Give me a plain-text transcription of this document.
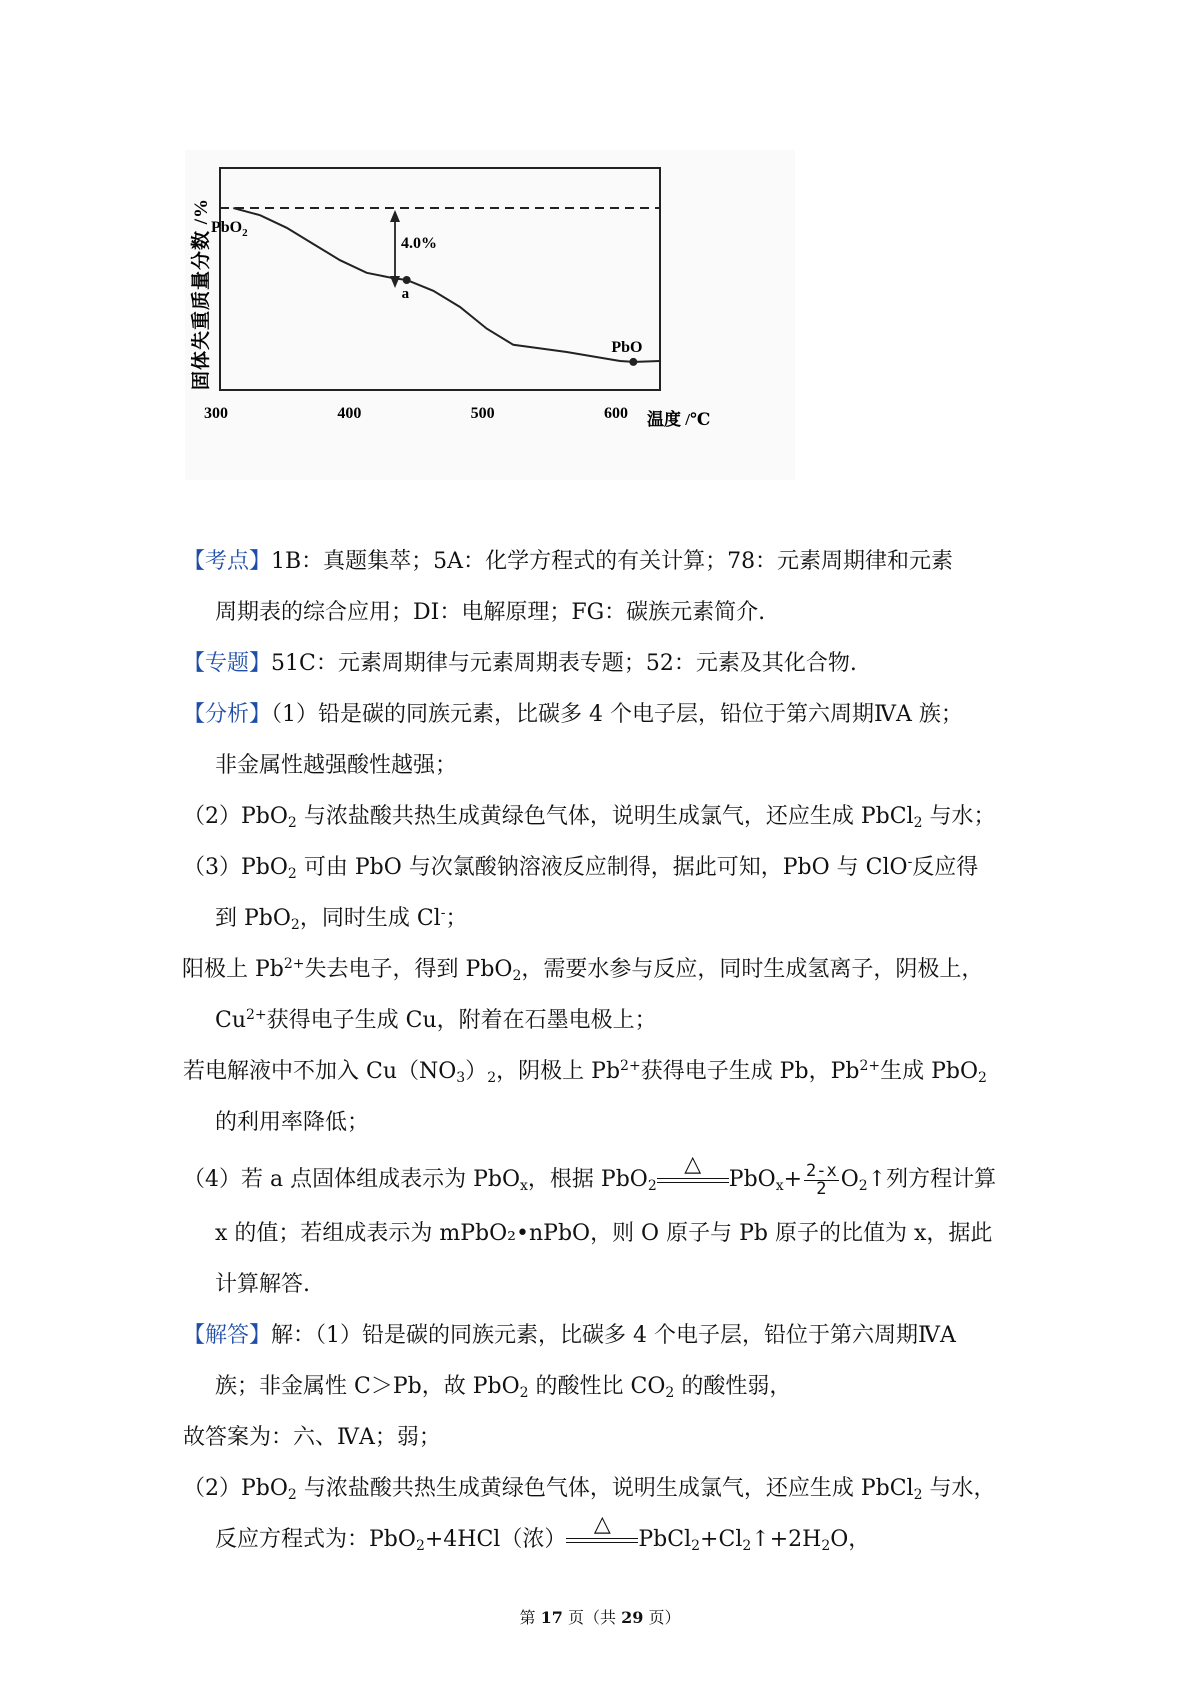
4.0%
PbO$_2$
a
PbO
300	400	500	600 温度 /℃
固体失重质量分数 /%
【考点】1B：真题集萃；5A：化学方程式的有关计算；78：元素周期律和元素
周期表的综合应用；DI：电解原理；FG：碳族元素简介.
【专题】51C：元素周期律与元素周期表专题；52：元素及其化合物.
【分析】（1）铅是碳的同族元素，比碳多 4 个电子层，铅位于第六周期ⅣA 族；
非金属性越强酸性越强；
（2）PbO$_2$ 与浓盐酸共热生成黄绿色气体，说明生成氯气，还应生成 PbCl$_2$ 与水；
（3）PbO$_2$ 可由 PbO 与次氯酸钠溶液反应制得，据此可知，PbO 与 ClO-反应得
到 PbO$_2$，同时生成 Cl-；
阳极上 $Pb^{2+}$失去电子，得到 PbO$_2$，需要水参与反应，同时生成氢离子，阴极上，
$Cu^{2+}$获得电子生成 Cu，附着在石墨电极上；
若电解液中不加入 $Cu(NO_3)_2$，阴极上 $Pb^{2+}$获得电子生成 Pb，$Pb^{2+}$生成 PbO$_2$
的利用率降低；
（4）若 a 点固体组成表示为 PbO$_x$，根据 PbO$_2$
△
$PbO_x+ \frac{2-x}{2}$ $O_2↑$列方程计算
x 的值；若组成表示为 mPbO₂•nPbO，则 O 原子与 Pb 原子的比值为 x，据此
计算解答.
【解答】解：（1）铅是碳的同族元素，比碳多 4 个电子层，铅位于第六周期ⅣA
族；非金属性 C＞Pb，故 PbO$_2$ 的酸性比 $CO_2$ 的酸性弱，
故答案为：六、ⅣA；弱；
（2）PbO$_2$ 与浓盐酸共热生成黄绿色气体，说明生成氯气，还应生成 PbCl$_2$ 与水，
反应方程式为：PbO$_2$+4HCl（浓）
△
$PbCl_2+Cl_2↑+2H_2O$，
第 17 页（共 29 页）
